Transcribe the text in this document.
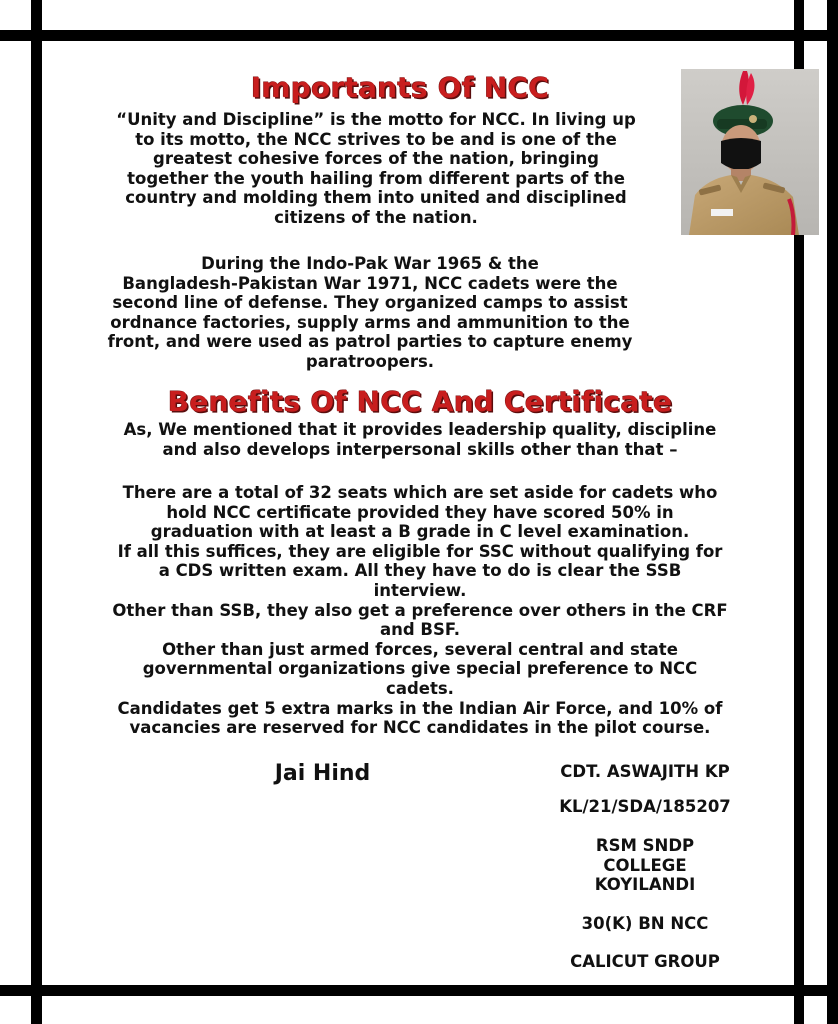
Importants Of NCC

“Unity and Discipline” is the motto for NCC. In living up
to its motto, the NCC strives to be and is one of the
greatest cohesive forces of the nation, bringing
together the youth hailing from different parts of the
country and molding them into united and disciplined
citizens of the nation.

During the Indo-Pak War 1965 & the
Bangladesh-Pakistan War 1971, NCC cadets were the
second line of defense. They organized camps to assist
ordnance factories, supply arms and ammunition to the
front, and were used as patrol parties to capture enemy
paratroopers.

Benefits Of NCC And Certificate

As, We mentioned that it provides leadership quality, discipline
and also develops interpersonal skills other than that –

There are a total of 32 seats which are set aside for cadets who
hold NCC certificate provided they have scored 50% in
graduation with at least a B grade in C level examination.
If all this suffices, they are eligible for SSC without qualifying for
a CDS written exam. All they have to do is clear the SSB
interview.
Other than SSB, they also get a preference over others in the CRF
and BSF.
Other than just armed forces, several central and state
governmental organizations give special preference to NCC
cadets.
Candidates get 5 extra marks in the Indian Air Force, and 10% of
vacancies are reserved for NCC candidates in the pilot course.

Jai Hind	CDT. ASWAJITH KP

KL/21/SDA/185207

RSM SNDP
COLLEGE
KOYILANDI

30(K) BN NCC

CALICUT GROUP
